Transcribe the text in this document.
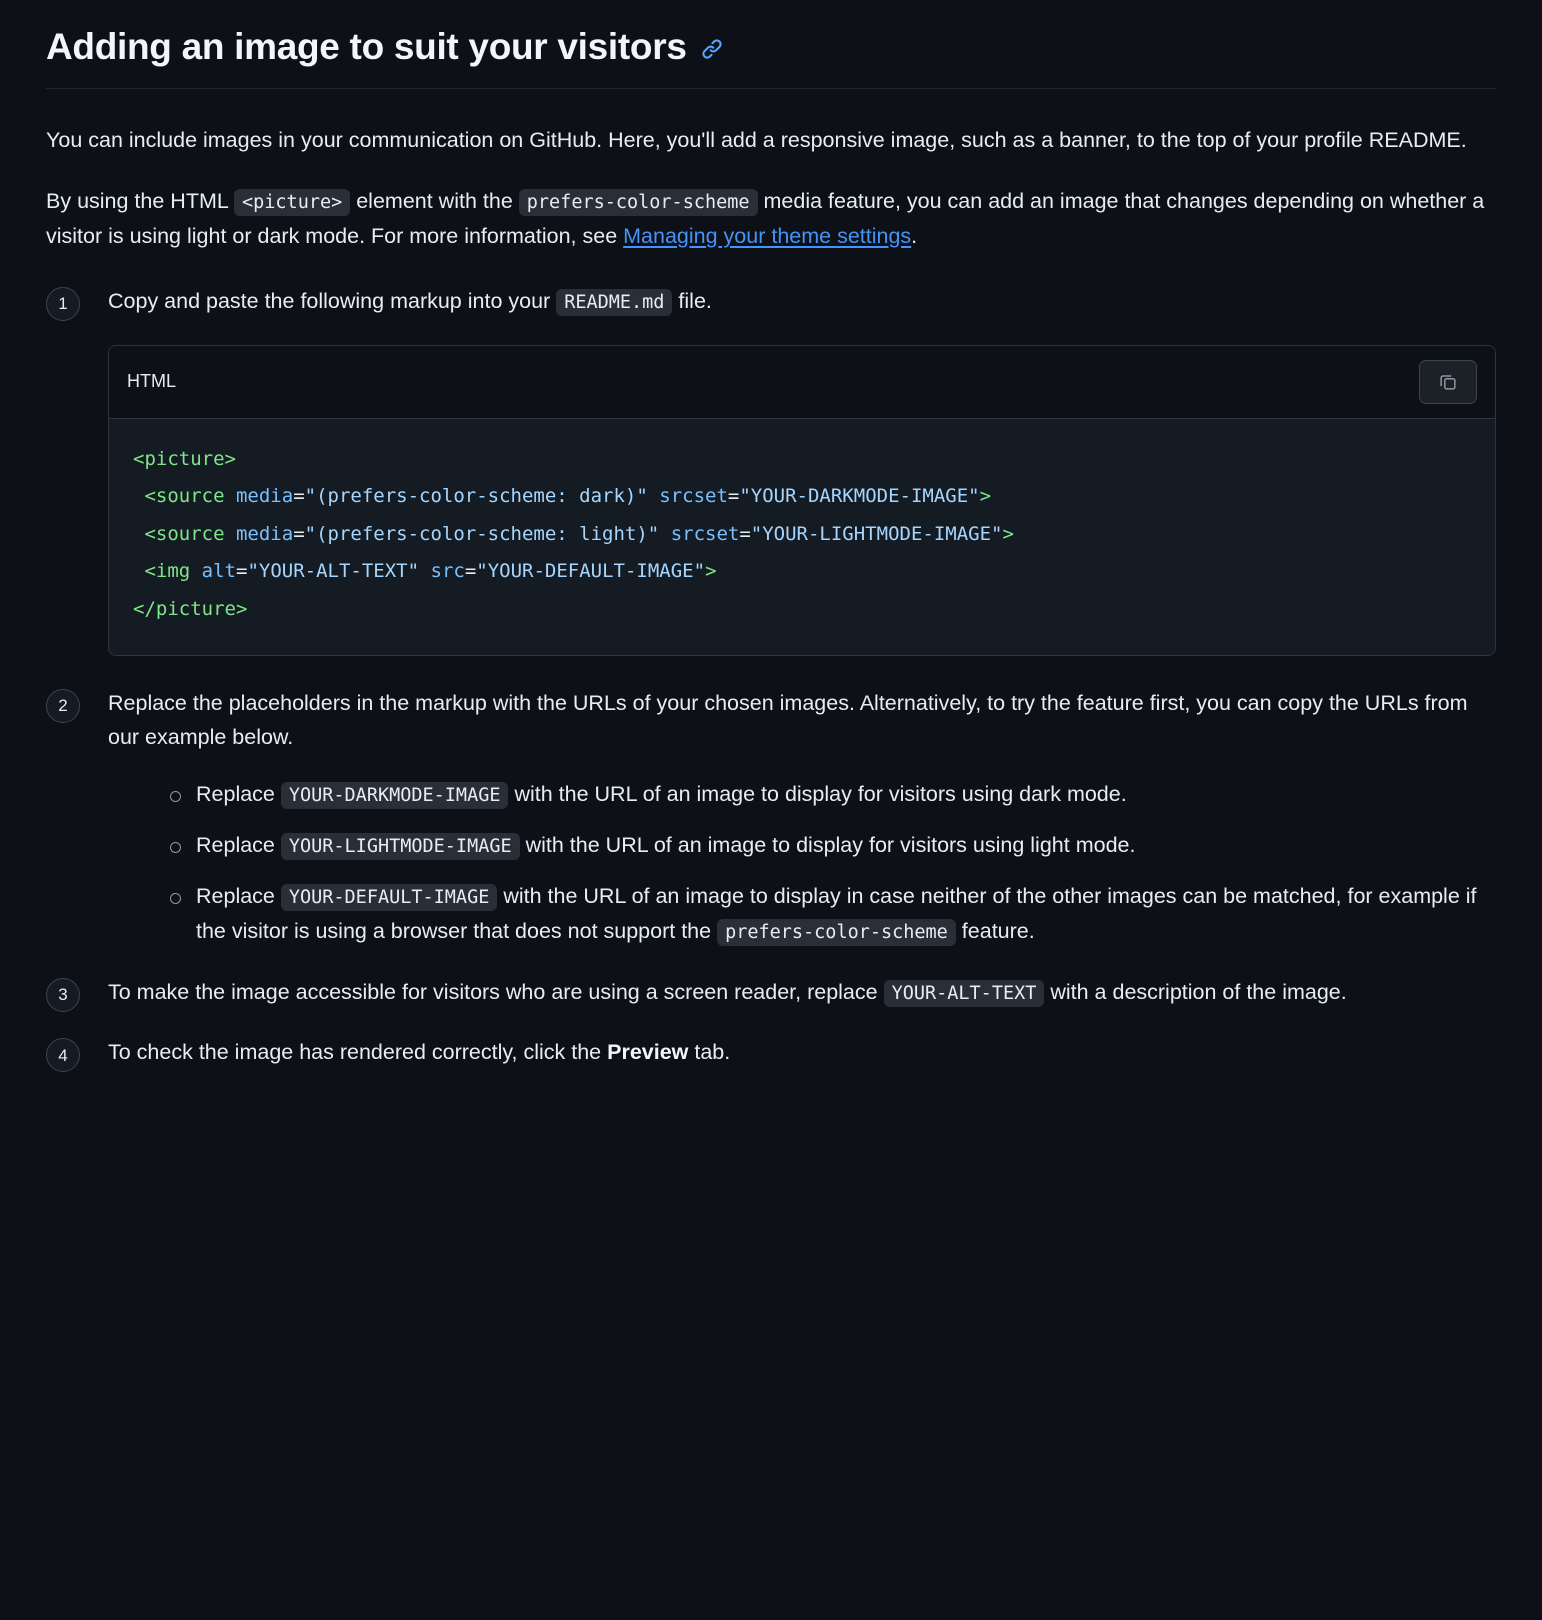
Adding an image to suit your visitors

You can include images in your communication on GitHub. Here, you'll add a responsive image, such as a banner, to the top of your profile README.

By using the HTML <picture> element with the prefers-color-scheme media feature, you can add an image that changes depending on whether a visitor is using light or dark mode. For more information, see Managing your theme settings.

1	Copy and paste the following markup into your README.md file.
HTML
<picture>
<source media="(prefers-color-scheme: dark)" srcset="YOUR-DARKMODE-IMAGE">
<source media="(prefers-color-scheme: light)" srcset="YOUR-LIGHTMODE-IMAGE">
<img alt="YOUR-ALT-TEXT" src="YOUR-DEFAULT-IMAGE">
</picture>
2	Replace the placeholders in the markup with the URLs of your chosen images. Alternatively, to try the feature first, you can copy the URLs from our example below.
Replace YOUR-DARKMODE-IMAGE with the URL of an image to display for visitors using dark mode.
Replace YOUR-LIGHTMODE-IMAGE with the URL of an image to display for visitors using light mode.
Replace YOUR-DEFAULT-IMAGE with the URL of an image to display in case neither of the other images can be matched, for example if the visitor is using a browser that does not support the prefers-color-scheme feature.
3	To make the image accessible for visitors who are using a screen reader, replace YOUR-ALT-TEXT with a description of the image.
4	To check the image has rendered correctly, click the Preview tab.
